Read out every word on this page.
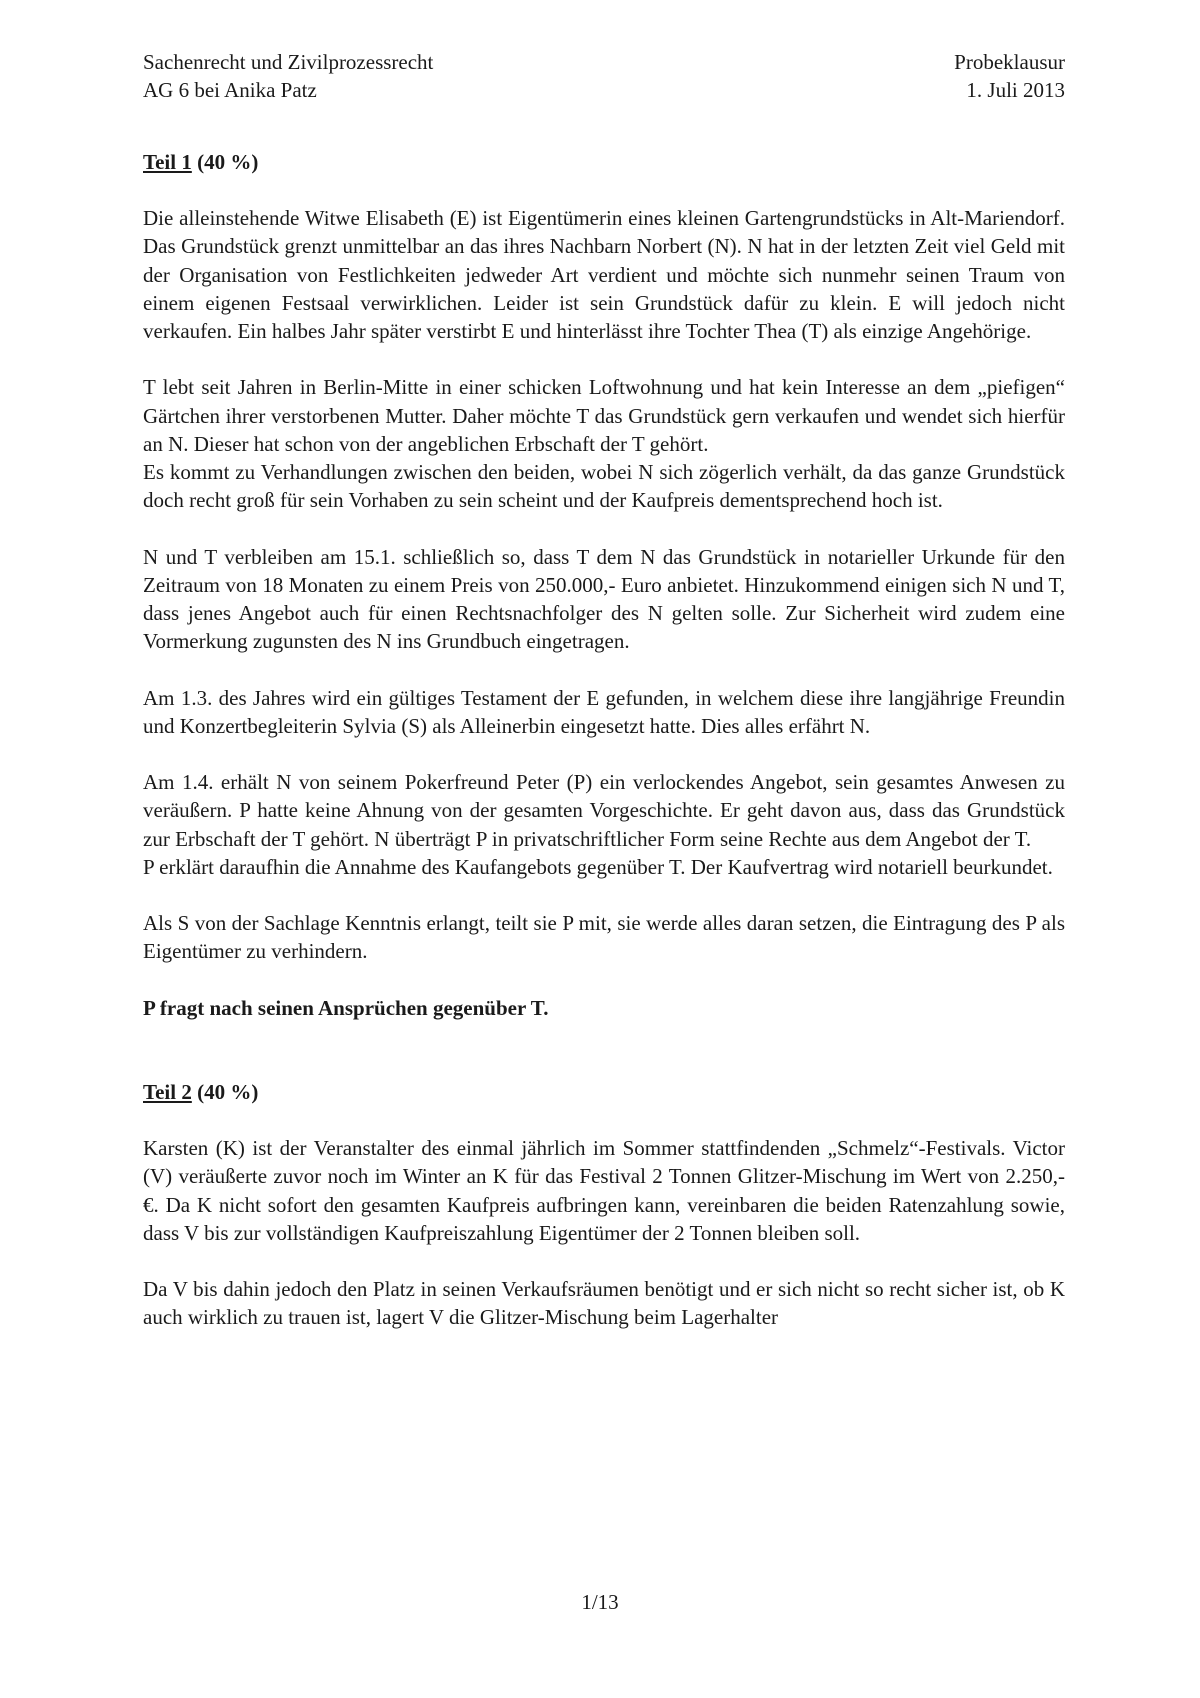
Sachenrecht und Zivilprozessrecht
AG 6 bei Anika Patz
Probeklausur
1. Juli 2013
Teil 1 (40 %)

Die alleinstehende Witwe Elisabeth (E) ist Eigentümerin eines kleinen Gartengrundstücks in Alt-Mariendorf. Das Grundstück grenzt unmittelbar an das ihres Nachbarn Norbert (N). N hat in der letzten Zeit viel Geld mit der Organisation von Festlichkeiten jedweder Art verdient und möchte sich nunmehr seinen Traum von einem eigenen Festsaal verwirklichen. Leider ist sein Grundstück dafür zu klein. E will jedoch nicht verkaufen. Ein halbes Jahr später verstirbt E und hinterlässt ihre Tochter Thea (T) als einzige Angehörige.

T lebt seit Jahren in Berlin-Mitte in einer schicken Loftwohnung und hat kein Interesse an dem „piefigen“ Gärtchen ihrer verstorbenen Mutter. Daher möchte T das Grundstück gern verkaufen und wendet sich hierfür an N. Dieser hat schon von der angeblichen Erbschaft der T gehört.

Es kommt zu Verhandlungen zwischen den beiden, wobei N sich zögerlich verhält, da das ganze Grundstück doch recht groß für sein Vorhaben zu sein scheint und der Kaufpreis dementsprechend hoch ist.

N und T verbleiben am 15.1. schließlich so, dass T dem N das Grundstück in notarieller Urkunde für den Zeitraum von 18 Monaten zu einem Preis von 250.000,- Euro anbietet. Hinzukommend einigen sich N und T, dass jenes Angebot auch für einen Rechtsnachfolger des N gelten solle. Zur Sicherheit wird zudem eine Vormerkung zugunsten des N ins Grundbuch eingetragen.

Am 1.3. des Jahres wird ein gültiges Testament der E gefunden, in welchem diese ihre langjährige Freundin und Konzertbegleiterin Sylvia (S) als Alleinerbin eingesetzt hatte. Dies alles erfährt N.

Am 1.4. erhält N von seinem Pokerfreund Peter (P) ein verlockendes Angebot, sein gesamtes Anwesen zu veräußern. P hatte keine Ahnung von der gesamten Vorgeschichte. Er geht davon aus, dass das Grundstück zur Erbschaft der T gehört. N überträgt P in privatschriftlicher Form seine Rechte aus dem Angebot der T.

P erklärt daraufhin die Annahme des Kaufangebots gegenüber T. Der Kaufvertrag wird notariell beurkundet.

Als S von der Sachlage Kenntnis erlangt, teilt sie P mit, sie werde alles daran setzen, die Eintragung des P als Eigentümer zu verhindern.

P fragt nach seinen Ansprüchen gegenüber T.

Teil 2 (40 %)

Karsten (K) ist der Veranstalter des einmal jährlich im Sommer stattfindenden „Schmelz“-Festivals. Victor (V) veräußerte zuvor noch im Winter an K für das Festival 2 Tonnen Glitzer-Mischung im Wert von 2.250,- €. Da K nicht sofort den gesamten Kaufpreis aufbringen kann, vereinbaren die beiden Ratenzahlung sowie, dass V bis zur vollständigen Kaufpreiszahlung Eigentümer der 2 Tonnen bleiben soll.

Da V bis dahin jedoch den Platz in seinen Verkaufsräumen benötigt und er sich nicht so recht sicher ist, ob K auch wirklich zu trauen ist, lagert V die Glitzer-Mischung beim Lagerhalter

1/13
